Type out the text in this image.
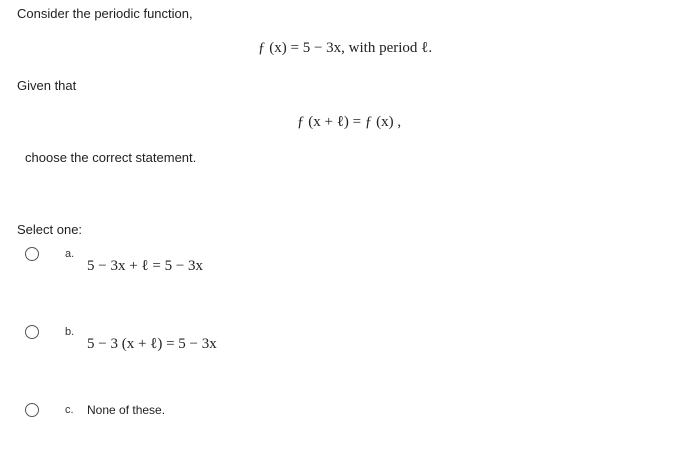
Consider the periodic function,
ƒ (x) = 5 − 3x, with period ℓ.
Given that
ƒ (x + ℓ) = ƒ (x) ,
choose the correct statement.
Select one:
a.
5 − 3x + ℓ = 5 − 3x
b.
5 − 3 (x + ℓ) = 5 − 3x
c. None of these.
